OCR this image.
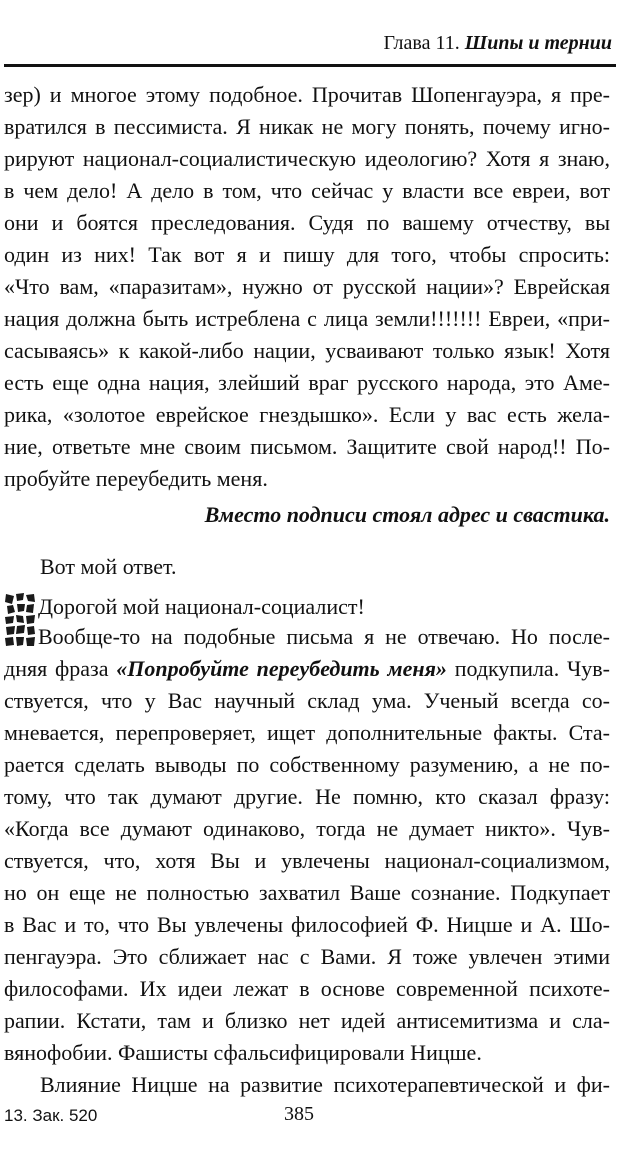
Глава 11. Шипы и тернии
зер) и многое этому подобное. Прочитав Шопенгауэра, я пре-
вратился в пессимиста. Я никак не могу понять, почему игно-
рируют национал-социалистическую идеологию? Хотя я знаю,
в чем дело! А дело в том, что сейчас у власти все евреи, вот
они и боятся преследования. Судя по вашему отчеству, вы
один из них! Так вот я и пишу для того, чтобы спросить:
«Что вам, «паразитам», нужно от русской нации»? Еврейская
нация должна быть истреблена с лица земли!!!!!!! Евреи, «при-
сасываясь» к какой-либо нации, усваивают только язык! Хотя
есть еще одна нация, злейший враг русского народа, это Аме-
рика, «золотое еврейское гнездышко». Если у вас есть жела-
ние, ответьте мне своим письмом. Защитите свой народ!! По-
пробуйте переубедить меня.
Вместо подписи стоял адрес и свастика.
Вот мой ответ.
Дорогой мой национал-социалист!
Вообще-то на подобные письма я не отвечаю. Но после-
дняя фраза «Попробуйте переубедить меня» подкупила. Чув-
ствуется, что у Вас научный склад ума. Ученый всегда со-
мневается, перепроверяет, ищет дополнительные факты. Ста-
рается сделать выводы по собственному разумению, а не по-
тому, что так думают другие. Не помню, кто сказал фразу:
«Когда все думают одинаково, тогда не думает никто». Чув-
ствуется, что, хотя Вы и увлечены национал-социализмом,
но он еще не полностью захватил Ваше сознание. Подкупает
в Вас и то, что Вы увлечены философией Ф. Ницше и А. Шо-
пенгауэра. Это сближает нас с Вами. Я тоже увлечен этими
философами. Их идеи лежат в основе современной психоте-
рапии. Кстати, там и близко нет идей антисемитизма и сла-
вянофобии. Фашисты сфальсифицировали Ницше.
Влияние Ницше на развитие психотерапевтической и фи-
13. Зак. 520	385
